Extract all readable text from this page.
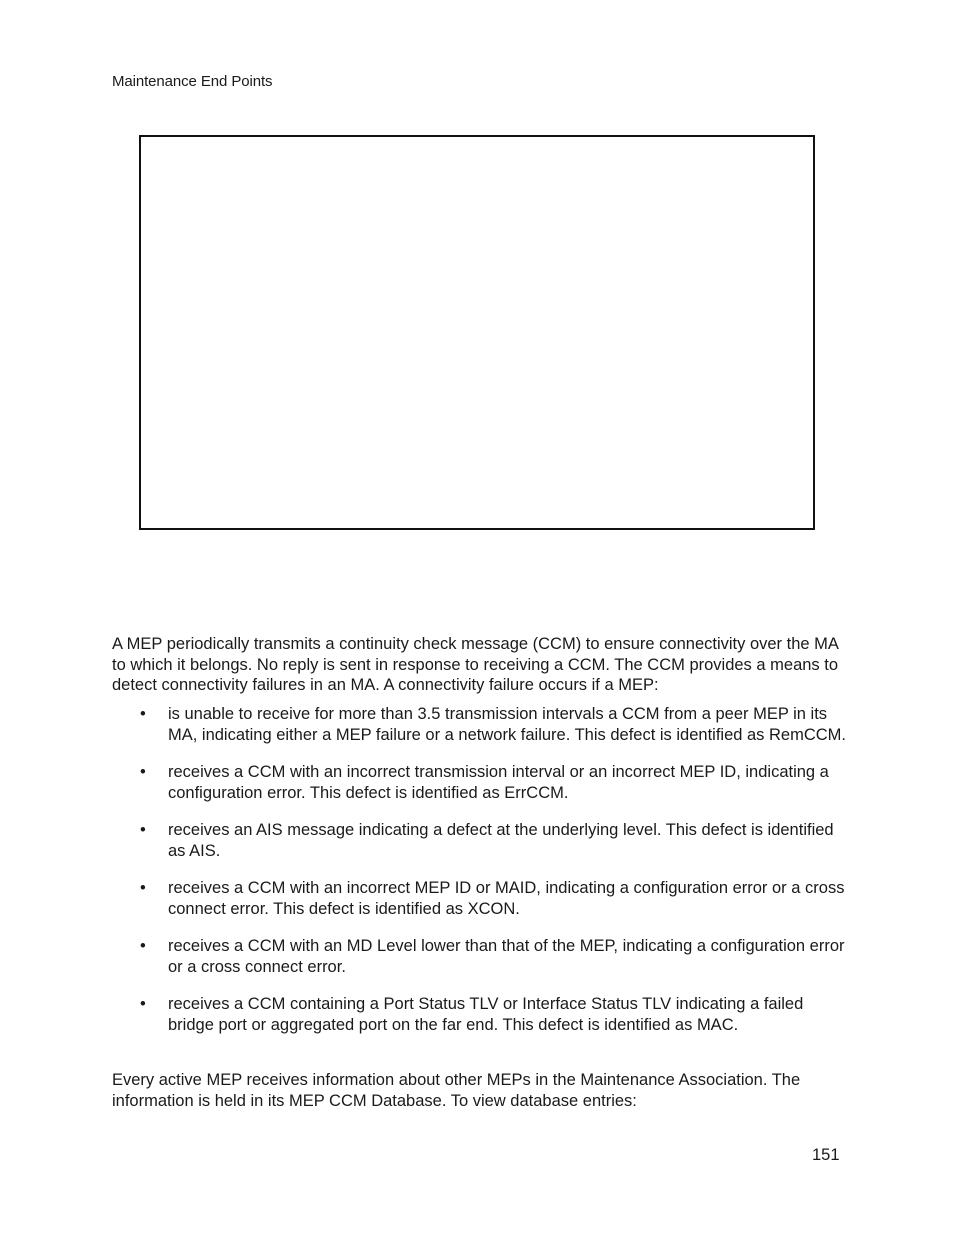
Maintenance End Points

A MEP periodically transmits a continuity check message (CCM) to ensure connectivity over the MA to which it belongs. No reply is sent in response to receiving a CCM. The CCM provides a means to detect connectivity failures in an MA. A connectivity failure occurs if a MEP:

• is unable to receive for more than 3.5 transmission intervals a CCM from a peer MEP in its MA, indicating either a MEP failure or a network failure. This defect is identified as RemCCM.
• receives a CCM with an incorrect transmission interval or an incorrect MEP ID, indicating a configuration error. This defect is identified as ErrCCM.
• receives an AIS message indicating a defect at the underlying level. This defect is identified as AIS.
• receives a CCM with an incorrect MEP ID or MAID, indicating a configuration error or a cross connect error. This defect is identified as XCON.
• receives a CCM with an MD Level lower than that of the MEP, indicating a configuration error or a cross connect error.
• receives a CCM containing a Port Status TLV or Interface Status TLV indicating a failed bridge port or aggregated port on the far end. This defect is identified as MAC.

Every active MEP receives information about other MEPs in the Maintenance Association. The information is held in its MEP CCM Database. To view database entries:

151
